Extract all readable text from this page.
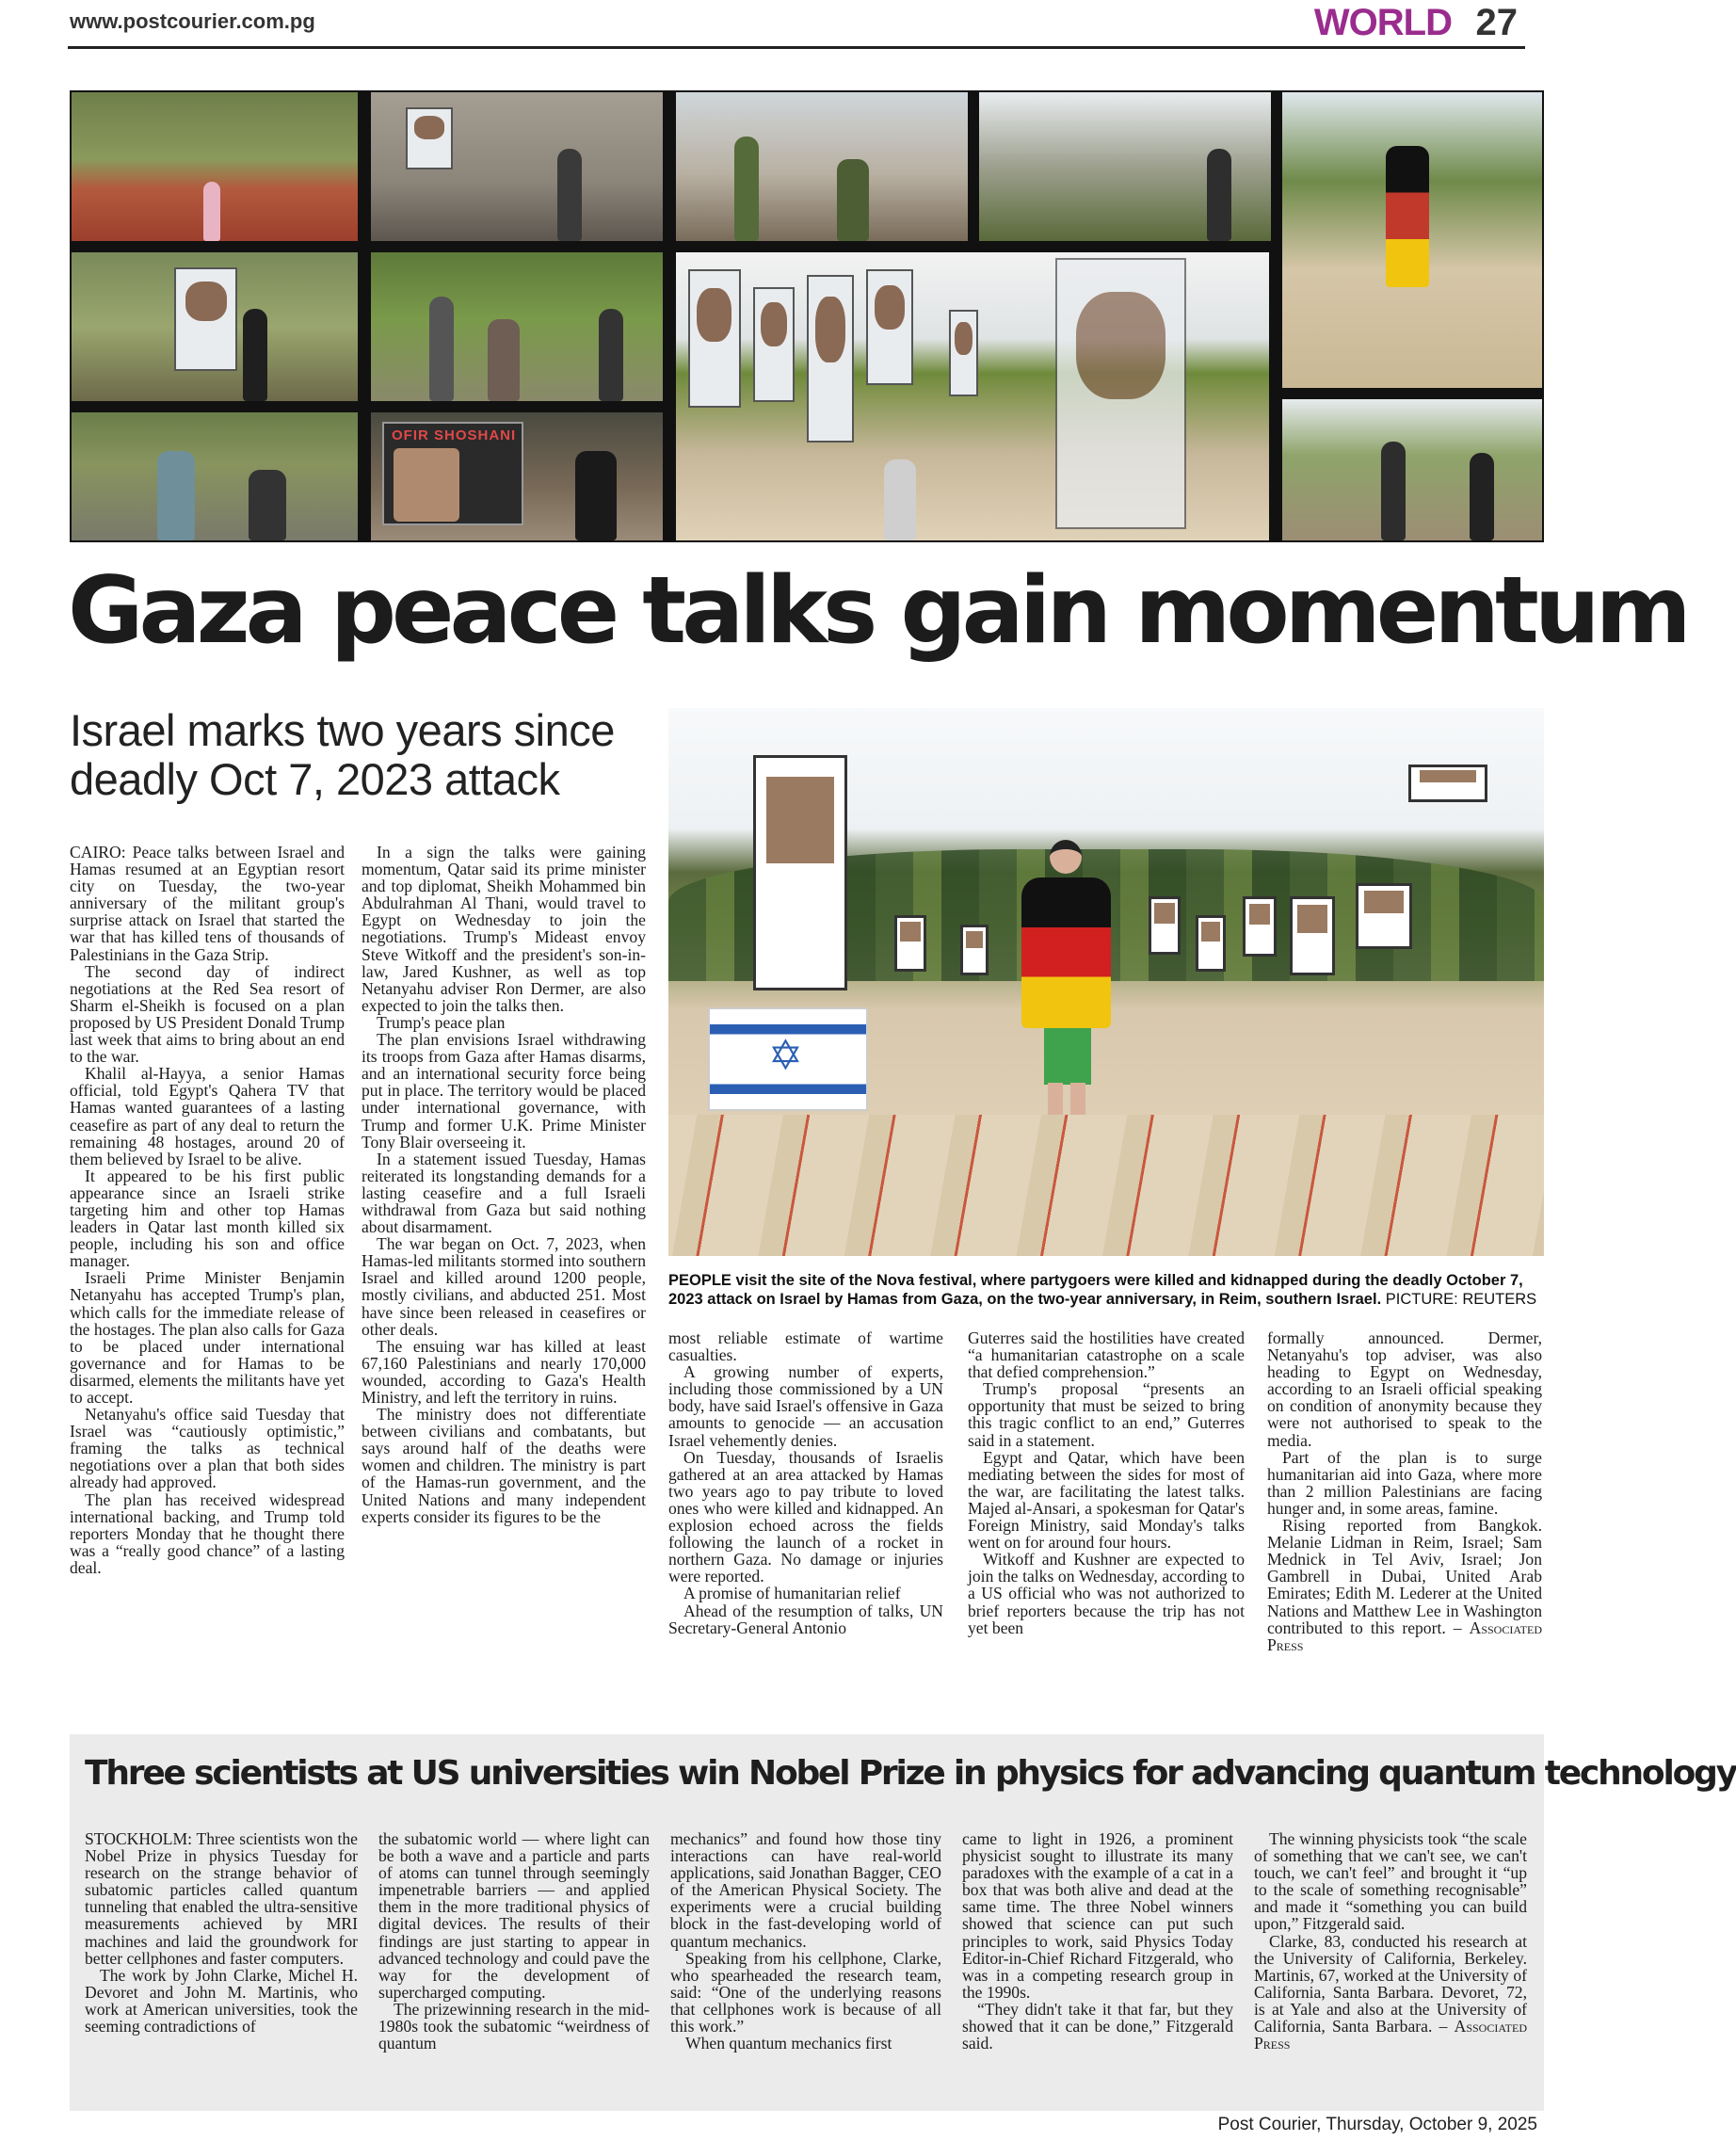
www.postcourier.com.pg	WORLD 27
OFIR SHOSHANI
Gaza peace talks gain momentum
Israel marks two years since deadly Oct 7, 2023 attack
✡
PEOPLE visit the site of the Nova festival, where partygoers were killed and kidnapped during the deadly October 7, 2023 attack on Israel by Hamas from Gaza, on the two-year anniversary, in Reim, southern Israel. PICTURE: REUTERS

CAIRO: Peace talks between Israel and Hamas resumed at an Egyptian resort city on Tuesday, the two-year anniversary of the militant group's surprise attack on Israel that started the war that has killed tens of thousands of Palestinians in the Gaza Strip.

The second day of indirect negotiations at the Red Sea resort of Sharm el-Sheikh is focused on a plan proposed by US President Donald Trump last week that aims to bring about an end to the war.

Khalil al-Hayya, a senior Hamas official, told Egypt's Qahera TV that Hamas wanted guarantees of a lasting ceasefire as part of any deal to return the remaining 48 hostages, around 20 of them believed by Israel to be alive.

It appeared to be his first public appearance since an Israeli strike targeting him and other top Hamas leaders in Qatar last month killed six people, including his son and office manager.

Israeli Prime Minister Benjamin Netanyahu has accepted Trump's plan, which calls for the immediate release of the hostages. The plan also calls for Gaza to be placed under international governance and for Hamas to be disarmed, elements the militants have yet to accept.

Netanyahu's office said Tuesday that Israel was “cautiously optimistic,” framing the talks as technical negotiations over a plan that both sides already had approved.

The plan has received widespread international backing, and Trump told reporters Monday that he thought there was a “really good chance” of a lasting deal.

In a sign the talks were gaining momentum, Qatar said its prime minister and top diplomat, Sheikh Mohammed bin Abdulrahman Al Thani, would travel to Egypt on Wednesday to join the negotiations. Trump's Mideast envoy Steve Witkoff and the president's son-in-law, Jared Kushner, as well as top Netanyahu adviser Ron Dermer, are also expected to join the talks then.

Trump's peace plan

The plan envisions Israel withdrawing its troops from Gaza after Hamas disarms, and an international security force being put in place. The territory would be placed under international governance, with Trump and former U.K. Prime Minister Tony Blair overseeing it.

In a statement issued Tuesday, Hamas reiterated its longstanding demands for a lasting ceasefire and a full Israeli withdrawal from Gaza but said nothing about disarmament.

The war began on Oct. 7, 2023, when Hamas-led militants stormed into southern Israel and killed around 1200 people, mostly civilians, and abducted 251. Most have since been released in ceasefires or other deals.

The ensuing war has killed at least 67,160 Palestinians and nearly 170,000 wounded, according to Gaza's Health Ministry, and left the territory in ruins.

The ministry does not differentiate between civilians and combatants, but says around half of the deaths were women and children. The ministry is part of the Hamas-run government, and the United Nations and many independent experts consider its figures to be the

most reliable estimate of wartime casualties.

A growing number of experts, including those commissioned by a UN body, have said Israel's offensive in Gaza amounts to genocide — an accusation Israel vehemently denies.

On Tuesday, thousands of Israelis gathered at an area attacked by Hamas two years ago to pay tribute to loved ones who were killed and kidnapped. An explosion echoed across the fields following the launch of a rocket in northern Gaza. No damage or injuries were reported.

A promise of humanitarian relief

Ahead of the resumption of talks, UN Secretary-General Antonio

Guterres said the hostilities have created “a humanitarian catastrophe on a scale that defied comprehension.”

Trump's proposal “presents an opportunity that must be seized to bring this tragic conflict to an end,” Guterres said in a statement.

Egypt and Qatar, which have been mediating between the sides for most of the war, are facilitating the latest talks. Majed al-Ansari, a spokesman for Qatar's Foreign Ministry, said Monday's talks went on for around four hours.

Witkoff and Kushner are expected to join the talks on Wednesday, according to a US official who was not authorized to brief reporters because the trip has not yet been

formally announced. Dermer, Netanyahu's top adviser, was also heading to Egypt on Wednesday, according to an Israeli official speaking on condition of anonymity because they were not authorised to speak to the media.

Part of the plan is to surge humanitarian aid into Gaza, where more than 2 million Palestinians are facing hunger and, in some areas, famine.

Rising reported from Bangkok. Melanie Lidman in Reim, Israel; Sam Mednick in Tel Aviv, Israel; Jon Gambrell in Dubai, United Arab Emirates; Edith M. Lederer at the United Nations and Matthew Lee in Washington contributed to this report. – Associated Press

Three scientists at US universities win Nobel Prize in physics for advancing quantum technology

STOCKHOLM: Three scientists won the Nobel Prize in physics Tuesday for research on the strange behavior of subatomic particles called quantum tunneling that enabled the ultra-sensitive measurements achieved by MRI machines and laid the groundwork for better cellphones and faster computers.

The work by John Clarke, Michel H. Devoret and John M. Martinis, who work at American universities, took the seeming contradictions of

the subatomic world — where light can be both a wave and a particle and parts of atoms can tunnel through seemingly impenetrable barriers — and applied them in the more traditional physics of digital devices. The results of their findings are just starting to appear in advanced technology and could pave the way for the development of supercharged computing.

The prizewinning research in the mid-1980s took the subatomic “weirdness of quantum

mechanics” and found how those tiny interactions can have real-world applications, said Jonathan Bagger, CEO of the American Physical Society. The experiments were a crucial building block in the fast-developing world of quantum mechanics.

Speaking from his cellphone, Clarke, who spearheaded the research team, said: “One of the underlying reasons that cellphones work is because of all this work.”

When quantum mechanics first

came to light in 1926, a prominent physicist sought to illustrate its many paradoxes with the example of a cat in a box that was both alive and dead at the same time. The three Nobel winners showed that science can put such principles to work, said Physics Today Editor-in-Chief Richard Fitzgerald, who was in a competing research group in the 1990s.

“They didn't take it that far, but they showed that it can be done,” Fitzgerald said.

The winning physicists took “the scale of something that we can't see, we can't touch, we can't feel” and brought it “up to the scale of something recognisable” and made it “something you can build upon,” Fitzgerald said.

Clarke, 83, conducted his research at the University of California, Berkeley. Martinis, 67, worked at the University of California, Santa Barbara. Devoret, 72, is at Yale and also at the University of California, Santa Barbara. – Associated Press

Post Courier, Thursday, October 9, 2025
